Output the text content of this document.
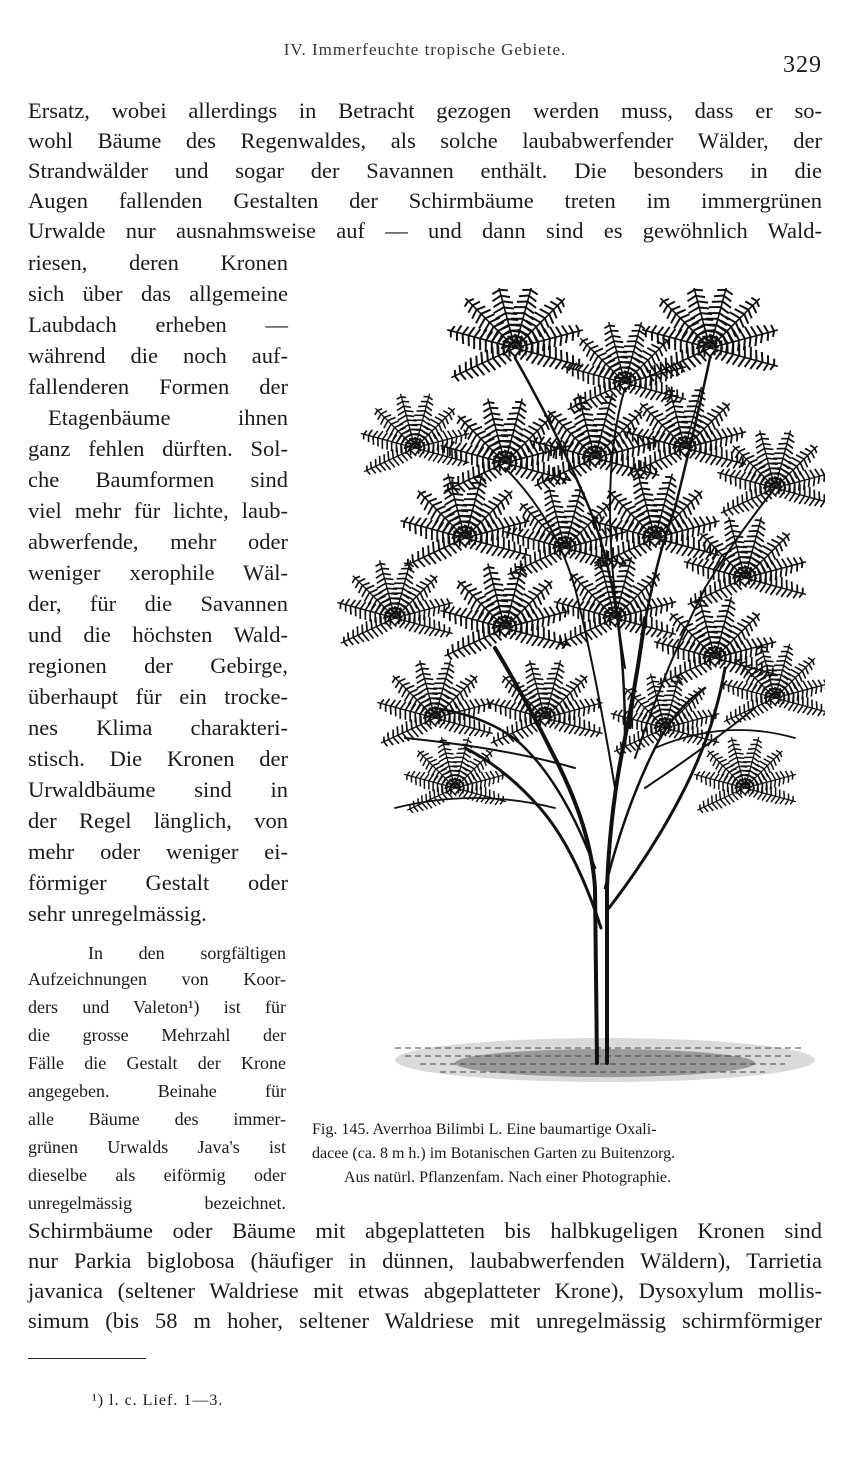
IV. Immerfeuchte tropische Gebiete.
329
Ersatz, wobei allerdings in Betracht gezogen werden muss, dass er so-
wohl Bäume des Regenwaldes, als solche laubabwerfender Wälder, der
Strandwälder und sogar der Savannen enthält. Die besonders in die
Augen fallenden Gestalten der Schirmbäume treten im immergrünen
Urwalde nur ausnahmsweise auf — und dann sind es gewöhnlich Wald-
riesen, deren Kronen
sich über das allgemeine
Laubdach erheben —
während die noch auf-
fallenderen Formen der
Etagenbäume ihnen
ganz fehlen dürften. Sol-
che Baumformen sind
viel mehr für lichte, laub-
abwerfende, mehr oder
weniger xerophile Wäl-
der, für die Savannen
und die höchsten Wald-
regionen der Gebirge,
überhaupt für ein trocke-
nes Klima charakteri-
stisch. Die Kronen der
Urwaldbäume sind in
der Regel länglich, von
mehr oder weniger ei-
förmiger Gestalt oder
sehr unregelmässig.
In den sorgfältigen
Aufzeichnungen von Koor-
ders und Valeton¹) ist für
die grosse Mehrzahl der
Fälle die Gestalt der Krone
angegeben. Beinahe für
alle Bäume des immer-
grünen Urwalds Java's ist
dieselbe als eiförmig oder
unregelmässig bezeichnet.
Fig. 145. Averrhoa Bilimbi L. Eine baumartige Oxali-
dacee (ca. 8 m h.) im Botanischen Garten zu Buitenzorg.
Aus natürl. Pflanzenfam. Nach einer Photographie.
Schirmbäume oder Bäume mit abgeplatteten bis halbkugeligen Kronen sind
nur Parkia biglobosa (häufiger in dünnen, laubabwerfenden Wäldern), Tarrietia
javanica (seltener Waldriese mit etwas abgeplatteter Krone), Dysoxylum mollis-
simum (bis 58 m hoher, seltener Waldriese mit unregelmässig schirmförmiger
¹) l. c. Lief. 1—3.
